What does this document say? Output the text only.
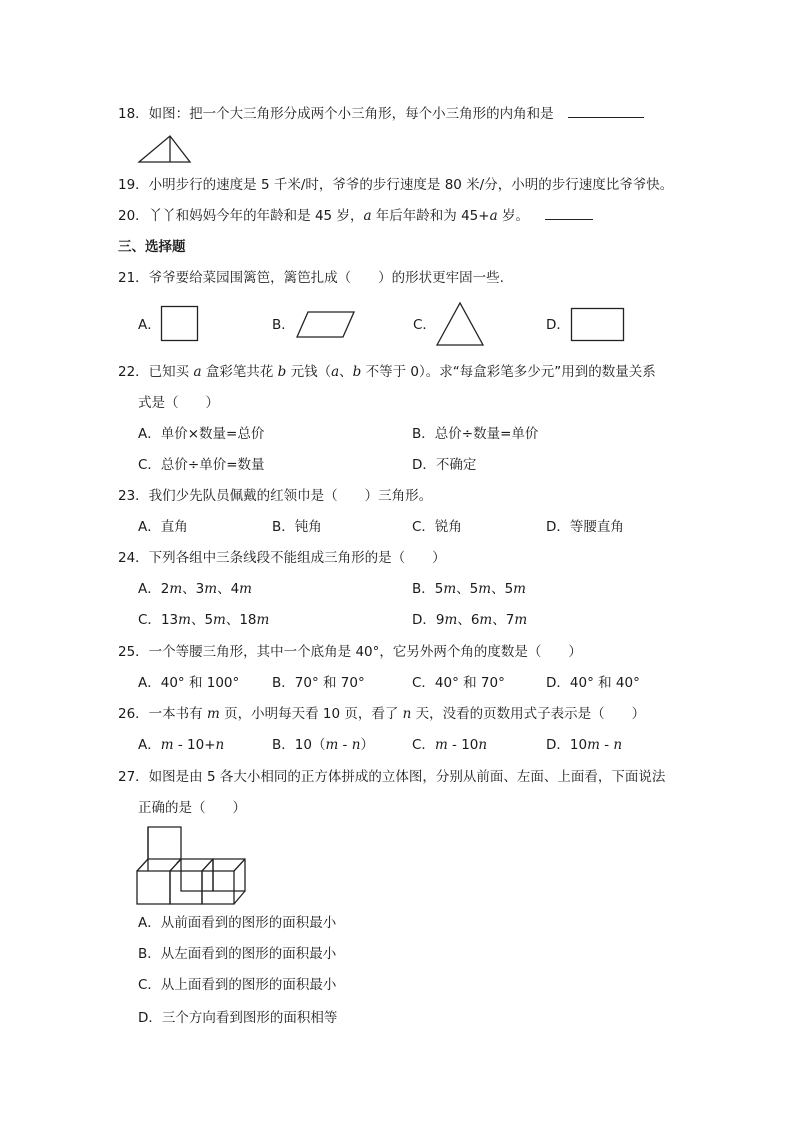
18．如图：把一个大三角形分成两个小三角形，每个小三角形的内角和是
19．小明步行的速度是 5 千米/时，爷爷的步行速度是 80 米/分，小明的步行速度比爷爷快。
20．丫丫和妈妈今年的年龄和是 45 岁，a 年后年龄和为 45+a 岁。
三、选择题
21．爷爷要给菜园围篱笆，篱笆扎成（　　）的形状更牢固一些.
A．	B．	C．	D．
22．已知买 a 盒彩笔共花 b 元钱（a、b 不等于 0）。求“每盒彩笔多少元”用到的数量关系
式是（　　）
A．单价×数量=总价	B．总价÷数量=单价
C．总价÷单价=数量	D．不确定
23．我们少先队员佩戴的红领巾是（　　）三角形。
A．直角	B．钝角	C．锐角	D．等腰直角
24．下列各组中三条线段不能组成三角形的是（　　）
A．2m、3m、4m	B．5m、5m、5m
C．13m、5m、18m	D．9m、6m、7m
25．一个等腰三角形，其中一个底角是 40°，它另外两个角的度数是（　　）
A．40° 和 100° B．70° 和 70°	C．40° 和 70°	D．40° 和 40°
26．一本书有 m 页，小明每天看 10 页，看了 n 天，没看的页数用式子表示是（　　）
A．m - 10+n	B．10（m - n）	C．m - 10n	D．10m - n
27．如图是由 5 各大小相同的正方体拼成的立体图，分别从前面、左面、上面看，下面说法
正确的是（　　）
A．从前面看到的图形的面积最小
B．从左面看到的图形的面积最小
C．从上面看到的图形的面积最小
D．三个方向看到图形的面积相等
